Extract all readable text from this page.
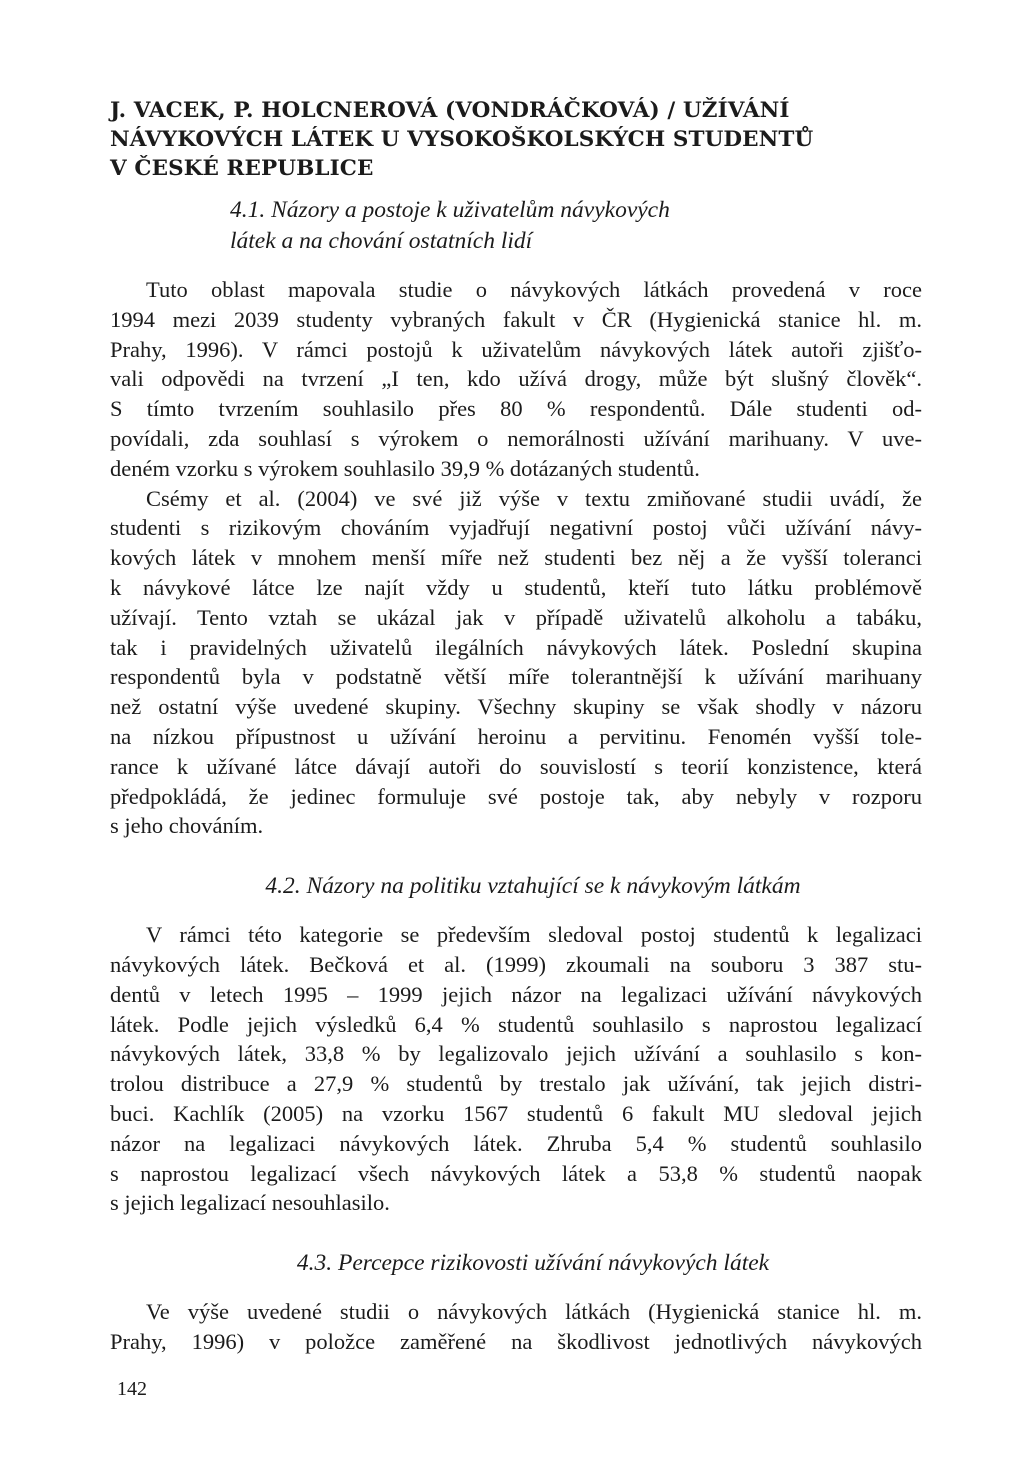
J. VACEK, P. HOLCNEROVÁ (VONDRÁČKOVÁ) / UŽÍVÁNÍ
NÁVYKOVÝCH LÁTEK U VYSOKOŠKOLSKÝCH STUDENTŮ
V ČESKÉ REPUBLICE
4.1. Názory a postoje k uživatelům návykových
látek a na chování ostatních lidí
Tuto oblast mapovala studie o návykových látkách provedená v roce
1994 mezi 2039 studenty vybraných fakult v ČR (Hygienická stanice hl. m.
Prahy, 1996). V rámci postojů k uživatelům návykových látek autoři zjišťo-
vali odpovědi na tvrzení „I ten, kdo užívá drogy, může být slušný člověk“.
S tímto tvrzením souhlasilo přes 80 % respondentů. Dále studenti od-
povídali, zda souhlasí s výrokem o nemorálnosti užívání marihuany. V uve-
deném vzorku s výrokem souhlasilo 39,9 % dotázaných studentů.
Csémy et al. (2004) ve své již výše v textu zmiňované studii uvádí, že
studenti s rizikovým chováním vyjadřují negativní postoj vůči užívání návy-
kových látek v mnohem menší míře než studenti bez něj a že vyšší toleranci
k návykové látce lze najít vždy u studentů, kteří tuto látku problémově
užívají. Tento vztah se ukázal jak v případě uživatelů alkoholu a tabáku,
tak i pravidelných uživatelů ilegálních návykových látek. Poslední skupina
respondentů byla v podstatně větší míře tolerantnější k užívání marihuany
než ostatní výše uvedené skupiny. Všechny skupiny se však shodly v názoru
na nízkou přípustnost u užívání heroinu a pervitinu. Fenomén vyšší tole-
rance k užívané látce dávají autoři do souvislostí s teorií konzistence, která
předpokládá, že jedinec formuluje své postoje tak, aby nebyly v rozporu
s jeho chováním.
4.2. Názory na politiku vztahující se k návykovým látkám
V rámci této kategorie se především sledoval postoj studentů k legalizaci
návykových látek. Bečková et al. (1999) zkoumali na souboru 3 387 stu-
dentů v letech 1995 – 1999 jejich názor na legalizaci užívání návykových
látek. Podle jejich výsledků 6,4 % studentů souhlasilo s naprostou legalizací
návykových látek, 33,8 % by legalizovalo jejich užívání a souhlasilo s kon-
trolou distribuce a 27,9 % studentů by trestalo jak užívání, tak jejich distri-
buci. Kachlík (2005) na vzorku 1567 studentů 6 fakult MU sledoval jejich
názor na legalizaci návykových látek. Zhruba 5,4 % studentů souhlasilo
s naprostou legalizací všech návykových látek a 53,8 % studentů naopak
s jejich legalizací nesouhlasilo.
4.3. Percepce rizikovosti užívání návykových látek
Ve výše uvedené studii o návykových látkách (Hygienická stanice hl. m.
Prahy, 1996) v položce zaměřené na škodlivost jednotlivých návykových
142
